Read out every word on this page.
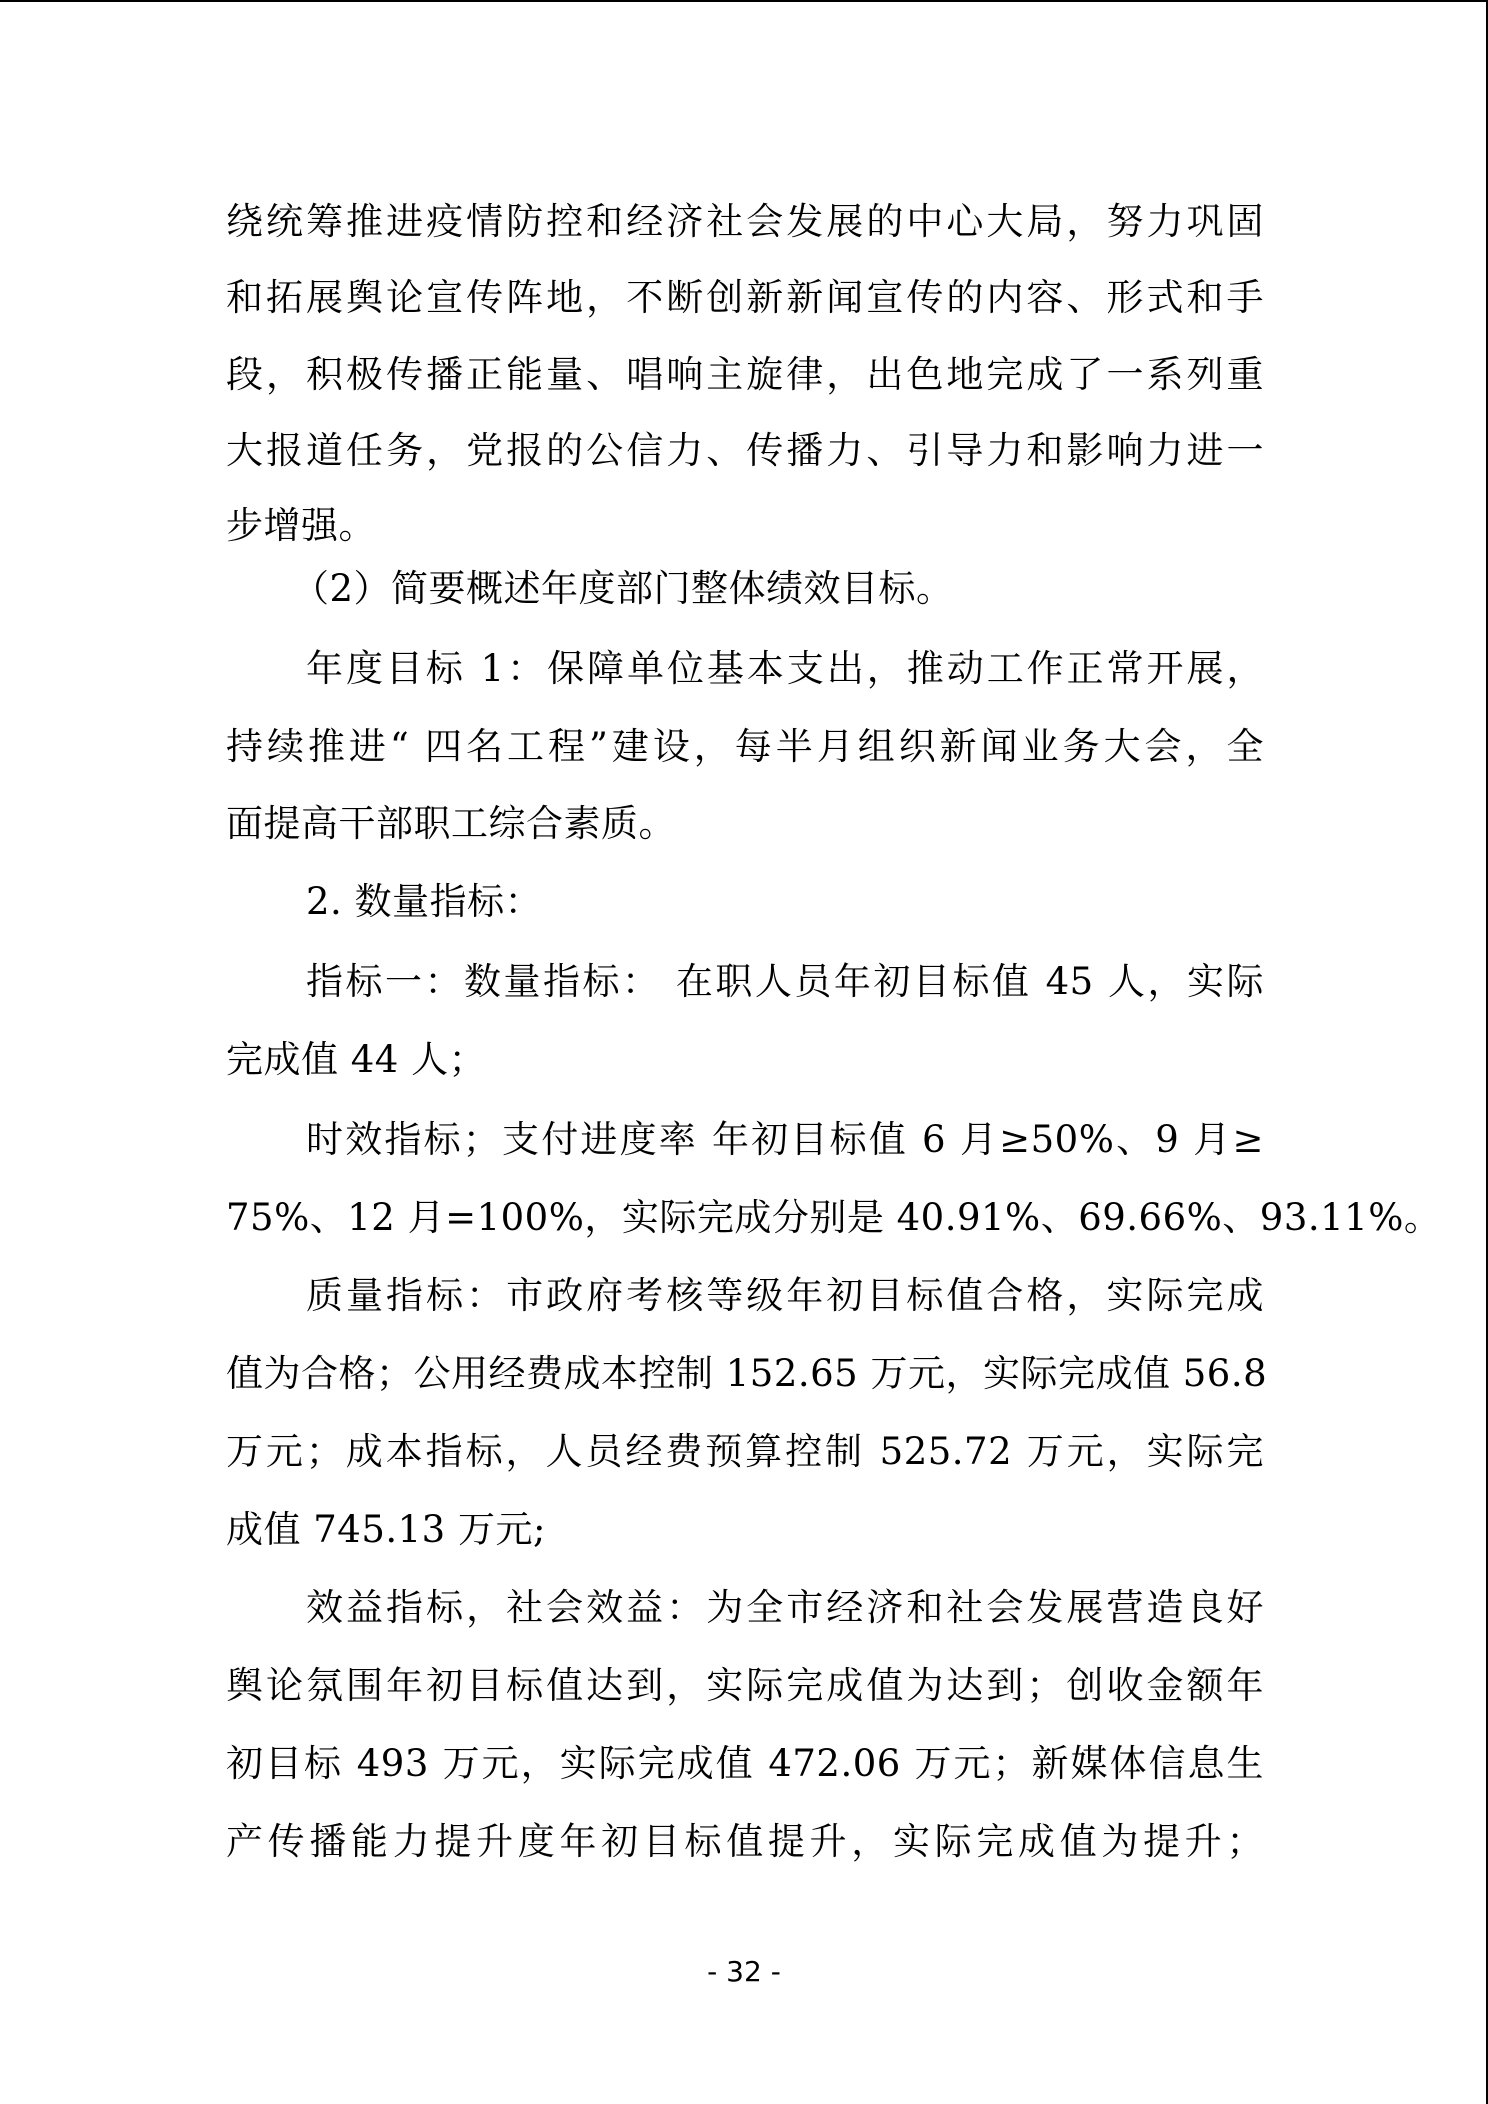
绕统筹推进疫情防控和经济社会发展的中心大局，努力巩固
和拓展舆论宣传阵地，不断创新新闻宣传的内容、形式和手
段，积极传播正能量、唱响主旋律，出色地完成了一系列重
大报道任务，党报的公信力、传播力、引导力和影响力进一
步增强。
（2）简要概述年度部门整体绩效目标。
年度目标 1：保障单位基本支出，推动工作正常开展，
持续推进“ 四名工程”建设，每半月组织新闻业务大会，全
面提高干部职工综合素质。
2. 数量指标：
指标一：数量指标： 在职人员年初目标值 45 人，实际
完成值 44 人；
时效指标；支付进度率 年初目标值 6 月≥50%、9 月≥
75%、12 月=100%，实际完成分别是 40.91%、69.66%、93.11%。
质量指标：市政府考核等级年初目标值合格，实际完成
值为合格；公用经费成本控制 152.65 万元，实际完成值 56.8
万元；成本指标，人员经费预算控制 525.72 万元，实际完
成值 745.13 万元;
效益指标，社会效益：为全市经济和社会发展营造良好
舆论氛围年初目标值达到，实际完成值为达到；创收金额年
初目标 493 万元，实际完成值 472.06 万元；新媒体信息生
产传播能力提升度年初目标值提升，实际完成值为提升；
- 32 -
